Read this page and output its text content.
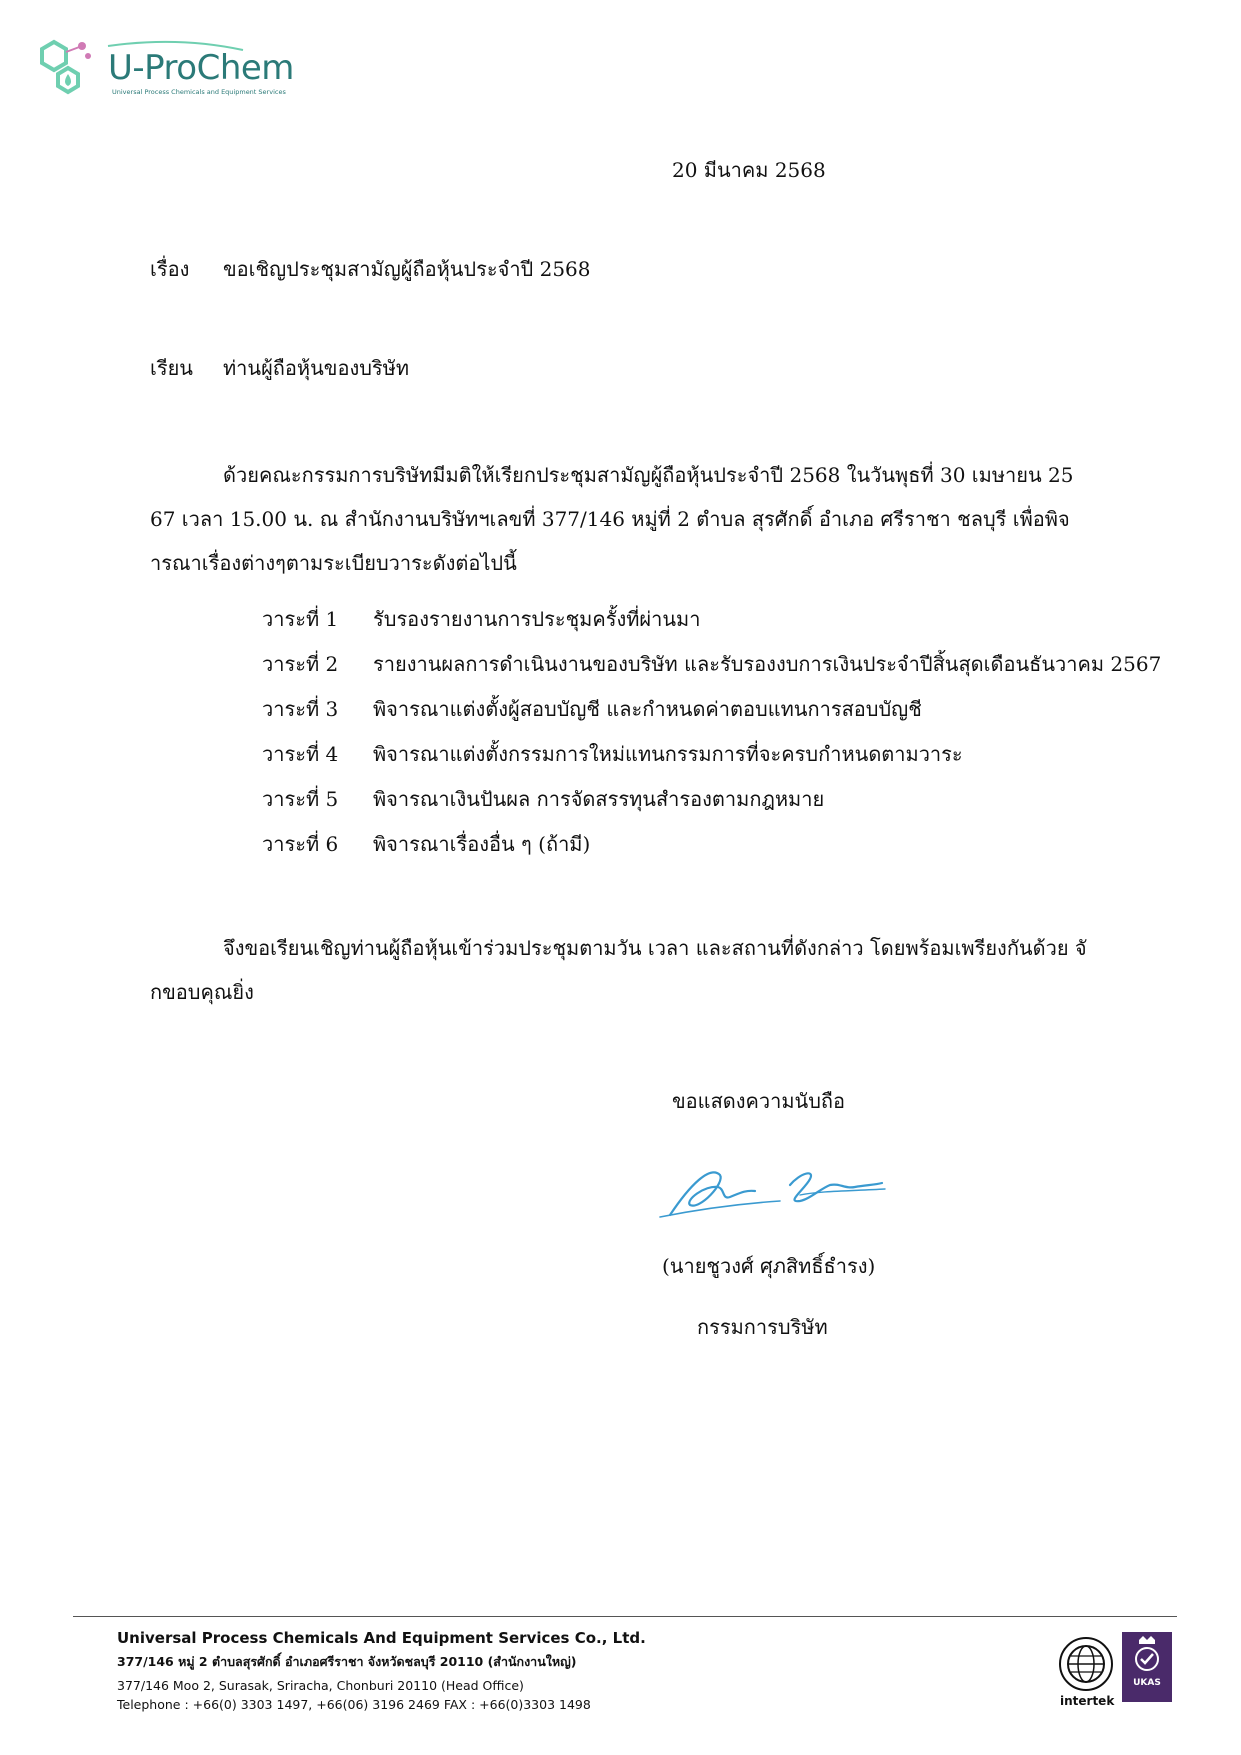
U-ProChem
Universal Process Chemicals and Equipment Services
20 มีนาคม 2568
เรื่อง ขอเชิญประชุมสามัญผู้ถือหุ้นประจำปี 2568
เรียน ท่านผู้ถือหุ้นของบริษัท

ด้วยคณะกรรมการบริษัทมีมติให้เรียกประชุมสามัญผู้ถือหุ้นประจำปี 2568 ในวันพุธที่ 30 เมษายน 2567 เวลา 15.00 น. ณ สำนักงานบริษัทฯเลขที่ 377/146 หมู่ที่ 2 ตำบล สุรศักดิ์ อำเภอ ศรีราชา ชลบุรี เพื่อพิจารณาเรื่องต่างๆตามระเบียบวาระดังต่อไปนี้

วาระที่ 1 รับรองรายงานการประชุมครั้งที่ผ่านมา
วาระที่ 2 รายงานผลการดำเนินงานของบริษัท และรับรองงบการเงินประจำปีสิ้นสุดเดือนธันวาคม 2567
วาระที่ 3 พิจารณาแต่งตั้งผู้สอบบัญชี และกำหนดค่าตอบแทนการสอบบัญชี
วาระที่ 4 พิจารณาแต่งตั้งกรรมการใหม่แทนกรรมการที่จะครบกำหนดตามวาระ
วาระที่ 5 พิจารณาเงินปันผล การจัดสรรทุนสำรองตามกฎหมาย
วาระที่ 6 พิจารณาเรื่องอื่น ๆ (ถ้ามี)

จึงขอเรียนเชิญท่านผู้ถือหุ้นเข้าร่วมประชุมตามวัน เวลา และสถานที่ดังกล่าว โดยพร้อมเพรียงกันด้วย จักขอบคุณยิ่ง

ขอแสดงความนับถือ
(นายชูวงศ์ ศุภสิทธิ์ธำรง)
กรรมการบริษัท
Universal Process Chemicals And Equipment Services Co., Ltd.
377/146 หมู่ 2 ตำบลสุรศักดิ์ อำเภอศรีราชา จังหวัดชลบุรี 20110 (สำนักงานใหญ่)
377/146 Moo 2, Surasak, Sriracha, Chonburi 20110 (Head Office)
Telephone : +66(0) 3303 1497, +66(06) 3196 2469 FAX : +66(0)3303 1498	intertek
UKAS
